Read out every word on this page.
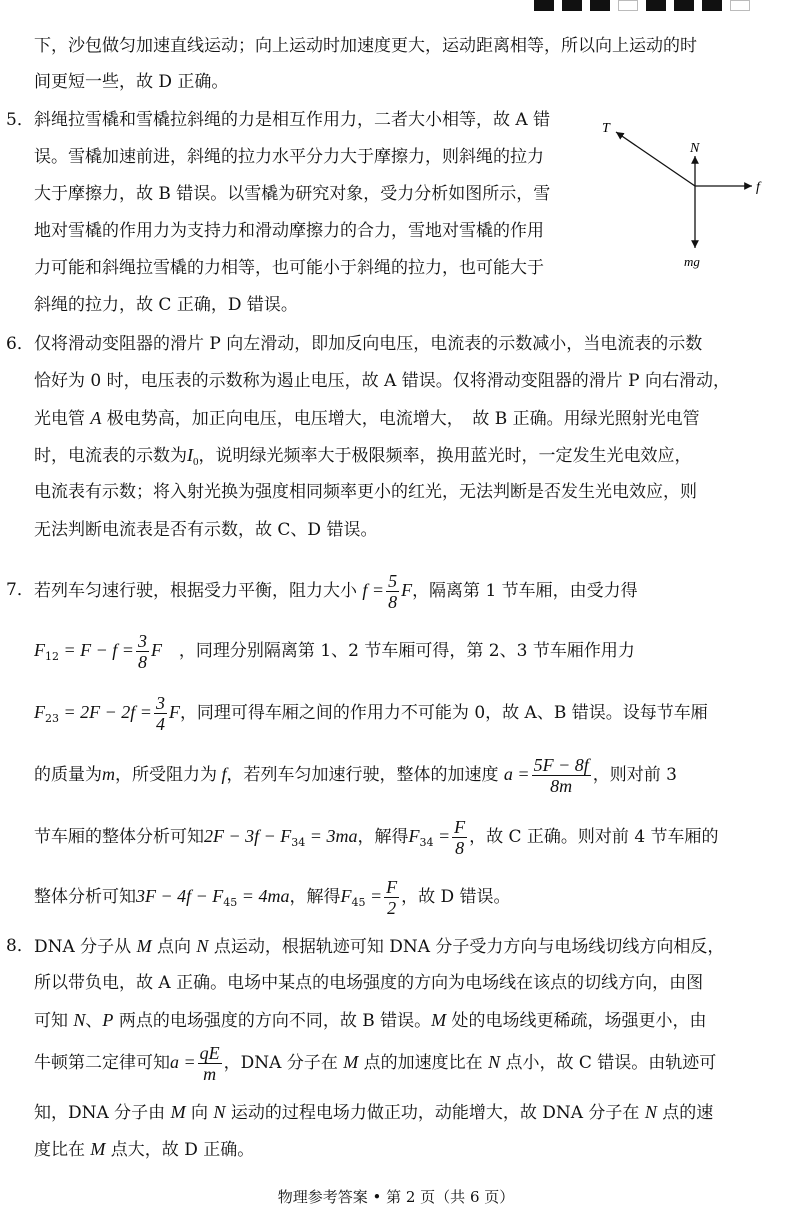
下，沙包做匀加速直线运动；向上运动时加速度更大，运动距离相等，所以向上运动的时
间更短一些，故 D 正确。
5． 斜绳拉雪橇和雪橇拉斜绳的力是相互作用力，二者大小相等，故 A 错
误。雪橇加速前进，斜绳的拉力水平分力大于摩擦力，则斜绳的拉力
大于摩擦力，故 B 错误。以雪橇为研究对象，受力分析如图所示，雪
地对雪橇的作用力为支持力和滑动摩擦力的合力，雪地对雪橇的作用
力可能和斜绳拉雪橇的力相等，也可能小于斜绳的拉力，也可能大于
斜绳的拉力，故 C 正确，D 错误。
T
N
f
mg
6． 仅将滑动变阻器的滑片 P 向左滑动，即加反向电压，电流表的示数减小，当电流表的示数
恰好为 0 时，电压表的示数称为遏止电压，故 A 错误。仅将滑动变阻器的滑片 P 向右滑动，
光电管 A 极电势高，加正向电压，电压增大，电流增大，　故 B 正确。用绿光照射光电管
时，电流表的示数为$I_0$，说明绿光频率大于极限频率，换用蓝光时，一定发生光电效应，
电流表有示数；将入射光换为强度相同频率更小的红光，无法判断是否发生光电效应，则
无法判断电流表是否有示数，故 C、D 错误。
7． 若列车匀速行驶，根据受力平衡，阻力大小 $f = \frac{5}{8}$ F，隔离第 1 节车厢，由受力得
$F_{12} = F - f = \frac{3}{8}$ F　，同理分别隔离第 1、2 节车厢可得，第 2、3 节车厢作用力
$F_{23} = 2F - 2f = \frac{3}{4}$ F，同理可得车厢之间的作用力不可能为 0，故 A、B 错误。设每节车厢
的质量为m，所受阻力为 f，若列车匀加速行驶，整体的加速度 $a = \frac{5F - 8f}{8m}$ ，则对前 3
节车厢的整体分析可知$2F - 3f - F_{34} = 3ma$，解得$F_{34} = \frac{F}{8}$ ，故 C 正确。则对前 4 节车厢的
整体分析可知$3F - 4f - F_{45} = 4ma$，解得$F_{45} = \frac{F}{2}$ ，故 D 错误。
8． DNA 分子从 M 点向 N 点运动，根据轨迹可知 DNA 分子受力方向与电场线切线方向相反，
所以带负电，故 A 正确。电场中某点的电场强度的方向为电场线在该点的切线方向，由图
可知 N、P 两点的电场强度的方向不同，故 B 错误。M 处的电场线更稀疏，场强更小，由
牛顿第二定律可知$a = \frac{qE}{m}$ ，DNA 分子在 M 点的加速度比在 N 点小，故 C 错误。由轨迹可
知，DNA 分子由 M 向 N 运动的过程电场力做正功，动能增大，故 DNA 分子在 N 点的速
度比在 M 点大，故 D 正确。
物理参考答案 • 第 2 页（共 6 页）
